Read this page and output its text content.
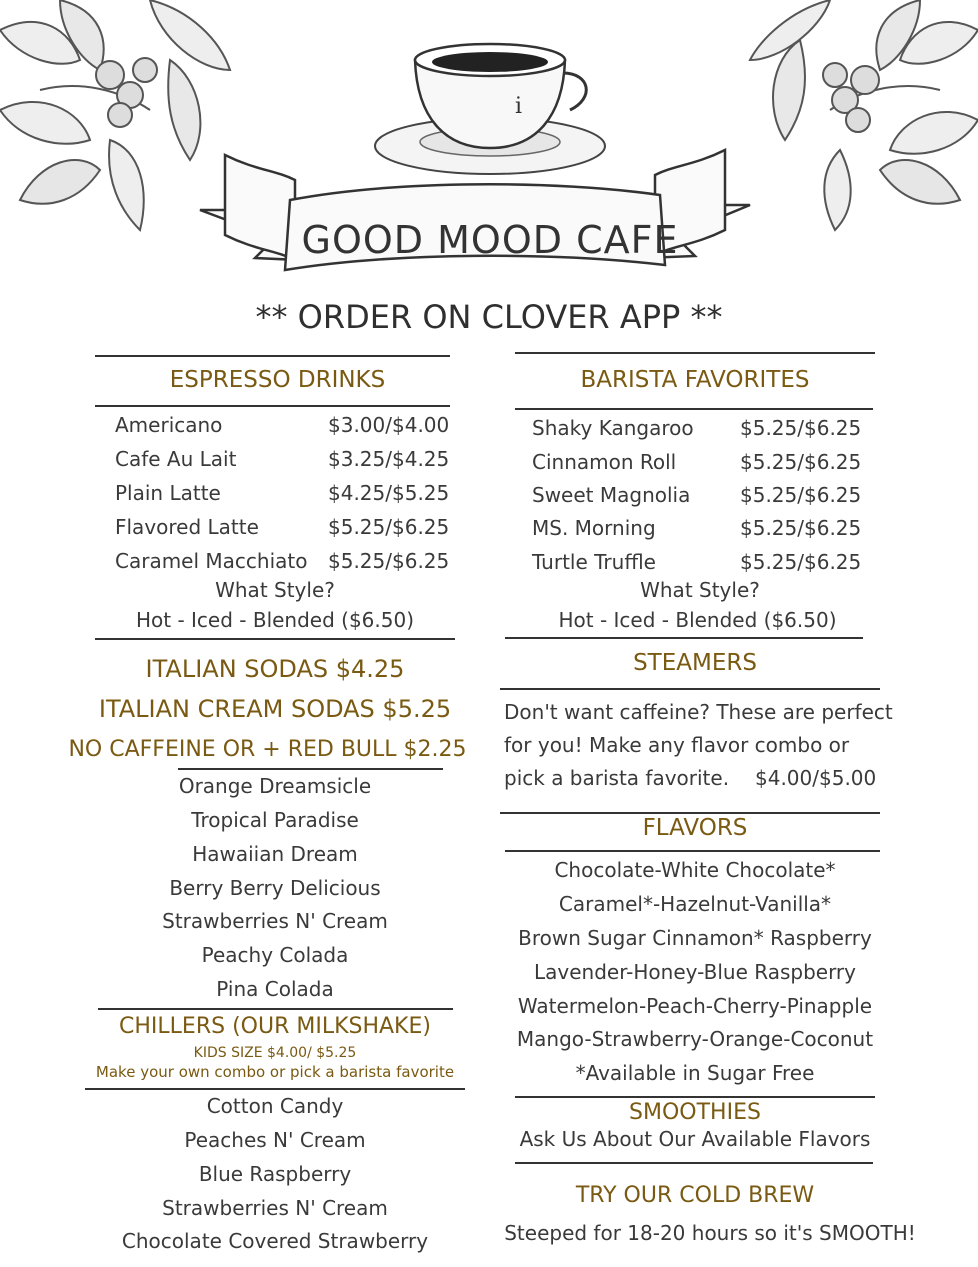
i
GOOD MOOD CAFE
** ORDER ON CLOVER APP **
ESPRESSO DRINKS
Americano	$3.00/$4.00
Cafe Au Lait	$3.25/$4.25
Plain Latte	$4.25/$5.25
Flavored Latte	$5.25/$6.25
Caramel Macchiato $5.25/$6.25
What Style?
Hot - Iced - Blended ($6.50)
BARISTA FAVORITES
Shaky Kangaroo $5.25/$6.25
Cinnamon Roll	$5.25/$6.25
Sweet Magnolia $5.25/$6.25
MS. Morning	$5.25/$6.25
Turtle Truffle	$5.25/$6.25
What Style?
Hot - Iced - Blended ($6.50)
ITALIAN SODAS $4.25
ITALIAN CREAM SODAS $5.25
NO CAFFEINE OR + RED BULL $2.25
Orange Dreamsicle
Tropical Paradise
Hawaiian Dream
Berry Berry Delicious
Strawberries N' Cream
Peachy Colada
Pina Colada
CHILLERS (OUR MILKSHAKE)
KIDS SIZE $4.00/ $5.25
Make your own combo or pick a barista favorite
Cotton Candy
Peaches N' Cream
Blue Raspberry
Strawberries N' Cream
Chocolate Covered Strawberry
STEAMERS
Don't want caffeine? These are perfect
for you! Make any flavor combo or
pick a barista favorite. $4.00/$5.00
FLAVORS
Chocolate-White Chocolate*
Caramel*-Hazelnut-Vanilla*
Brown Sugar Cinnamon* Raspberry
Lavender-Honey-Blue Raspberry
Watermelon-Peach-Cherry-Pinapple
Mango-Strawberry-Orange-Coconut
*Available in Sugar Free
SMOOTHIES
Ask Us About Our Available Flavors
TRY OUR COLD BREW
Steeped for 18-20 hours so it's SMOOTH!
